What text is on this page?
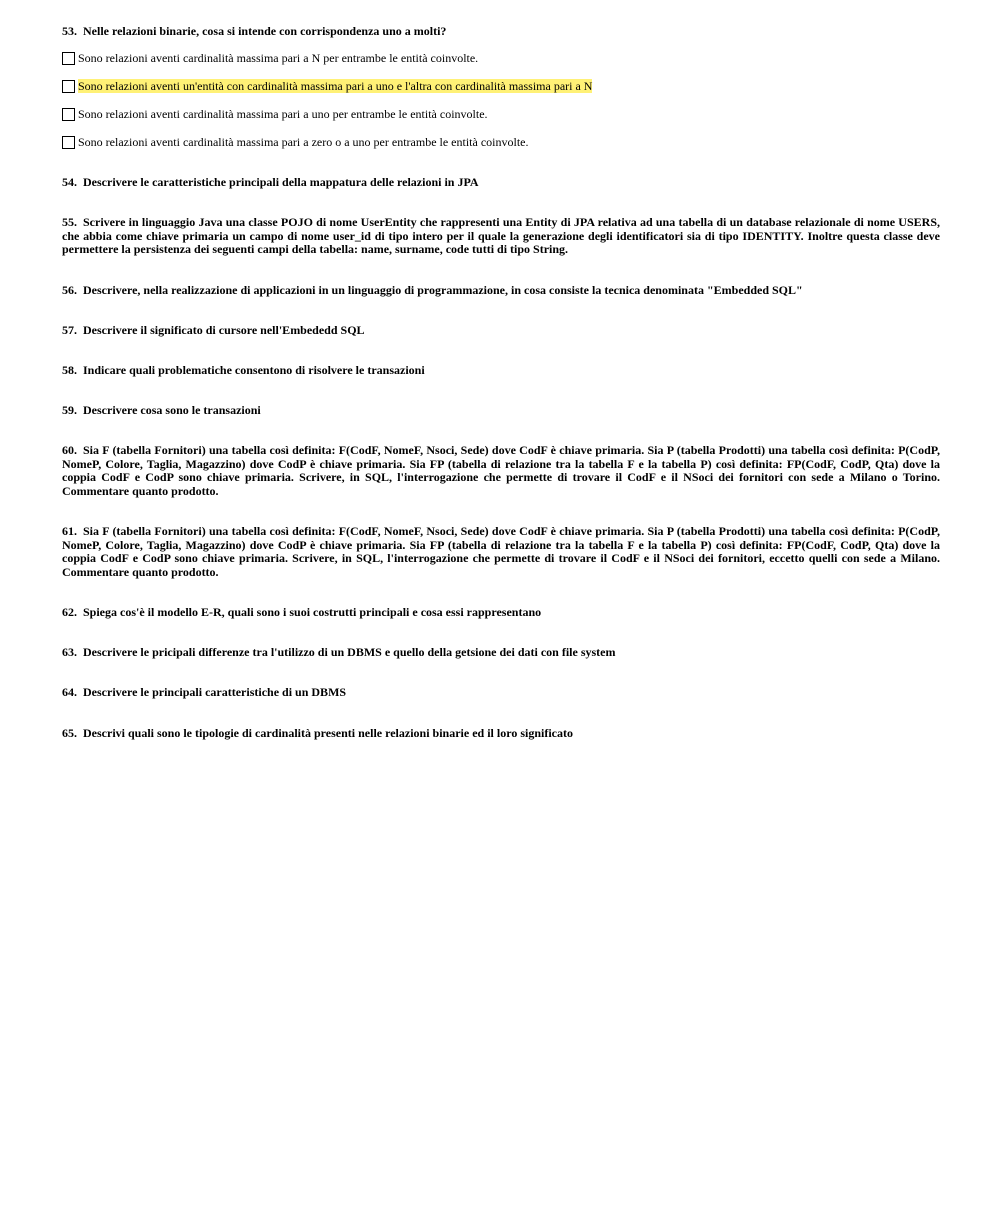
53. Nelle relazioni binarie, cosa si intende con corrispondenza uno a molti?
Sono relazioni aventi cardinalità massima pari a N per entrambe le entità coinvolte.
Sono relazioni aventi un'entità con cardinalità massima pari a uno e l'altra con cardinalità massima pari a N
Sono relazioni aventi cardinalità massima pari a uno per entrambe le entità coinvolte.
Sono relazioni aventi cardinalità massima pari a zero o a uno per entrambe le entità coinvolte.
54. Descrivere le caratteristiche principali della mappatura delle relazioni in JPA
55. Scrivere in linguaggio Java una classe POJO di nome UserEntity che rappresenti una Entity di JPA relativa ad una tabella di un database relazionale di nome USERS, che abbia come chiave primaria un campo di nome user_id di tipo intero per il quale la generazione degli identificatori sia di tipo IDENTITY. Inoltre questa classe deve permettere la persistenza dei seguenti campi della tabella: name, surname, code tutti di tipo String.
56. Descrivere, nella realizzazione di applicazioni in un linguaggio di programmazione, in cosa consiste la tecnica denominata "Embedded SQL"
57. Descrivere il significato di cursore nell'Embededd SQL
58. Indicare quali problematiche consentono di risolvere le transazioni
59. Descrivere cosa sono le transazioni
60. Sia F (tabella Fornitori) una tabella così definita: F(CodF, NomeF, Nsoci, Sede) dove CodF è chiave primaria. Sia P (tabella Prodotti) una tabella così definita: P(CodP, NomeP, Colore, Taglia, Magazzino) dove CodP è chiave primaria. Sia FP (tabella di relazione tra la tabella F e la tabella P) così definita: FP(CodF, CodP, Qta) dove la coppia CodF e CodP sono chiave primaria. Scrivere, in SQL, l'interrogazione che permette di trovare il CodF e il NSoci dei fornitori con sede a Milano o Torino. Commentare quanto prodotto.
61. Sia F (tabella Fornitori) una tabella così definita: F(CodF, NomeF, Nsoci, Sede) dove CodF è chiave primaria. Sia P (tabella Prodotti) una tabella così definita: P(CodP, NomeP, Colore, Taglia, Magazzino) dove CodP è chiave primaria. Sia FP (tabella di relazione tra la tabella F e la tabella P) così definita: FP(CodF, CodP, Qta) dove la coppia CodF e CodP sono chiave primaria. Scrivere, in SQL, l'interrogazione che permette di trovare il CodF e il NSoci dei fornitori, eccetto quelli con sede a Milano. Commentare quanto prodotto.
62. Spiega cos'è il modello E-R, quali sono i suoi costrutti principali e cosa essi rappresentano
63. Descrivere le pricipali differenze tra l'utilizzo di un DBMS e quello della getsione dei dati con file system
64. Descrivere le principali caratteristiche di un DBMS
65. Descrivi quali sono le tipologie di cardinalità presenti nelle relazioni binarie ed il loro significato
